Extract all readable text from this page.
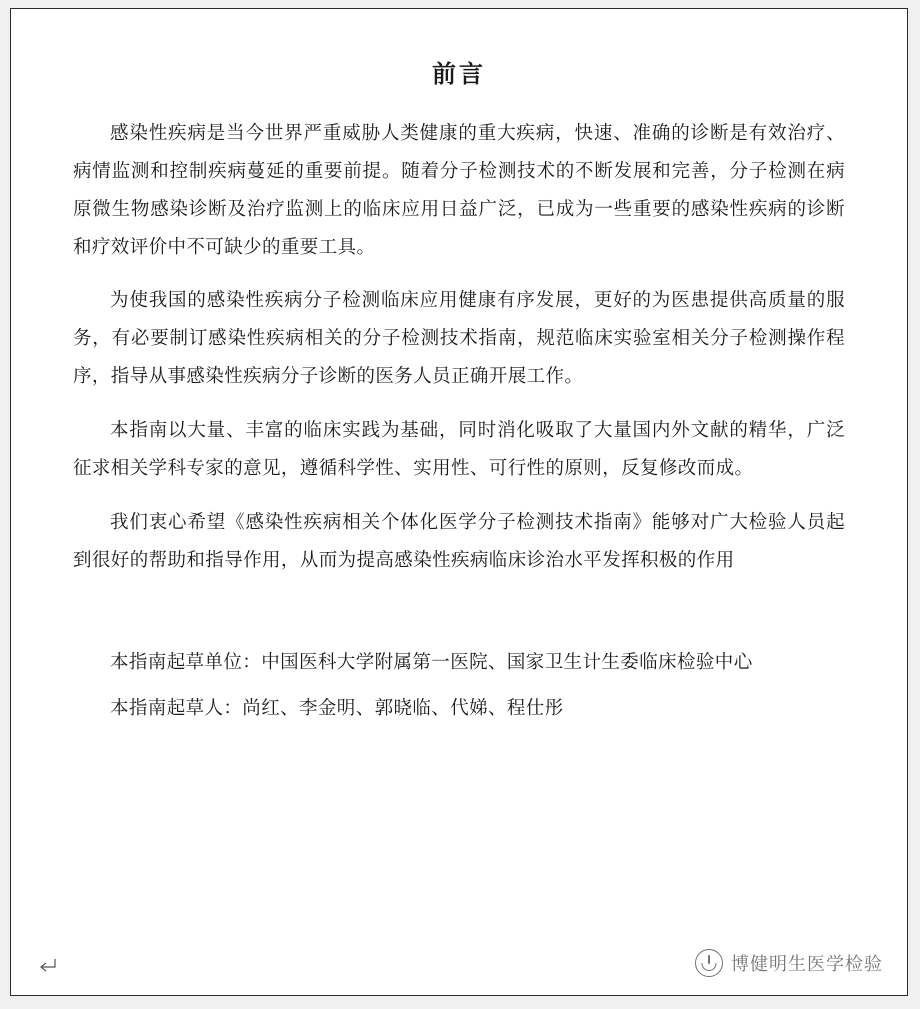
前言

感染性疾病是当今世界严重威胁人类健康的重大疾病，快速、准确的诊断是有效治疗、病情监测和控制疾病蔓延的重要前提。随着分子检测技术的不断发展和完善，分子检测在病原微生物感染诊断及治疗监测上的临床应用日益广泛，已成为一些重要的感染性疾病的诊断和疗效评价中不可缺少的重要工具。

为使我国的感染性疾病分子检测临床应用健康有序发展，更好的为医患提供高质量的服务，有必要制订感染性疾病相关的分子检测技术指南，规范临床实验室相关分子检测操作程序，指导从事感染性疾病分子诊断的医务人员正确开展工作。

本指南以大量、丰富的临床实践为基础，同时消化吸取了大量国内外文献的精华，广泛征求相关学科专家的意见，遵循科学性、实用性、可行性的原则，反复修改而成。

我们衷心希望《感染性疾病相关个体化医学分子检测技术指南》能够对广大检验人员起到很好的帮助和指导作用，从而为提高感染性疾病临床诊治水平发挥积极的作用

本指南起草单位：中国医科大学附属第一医院、国家卫生计生委临床检验中心

本指南起草人：尚红、李金明、郭晓临、代娣、程仕彤

博健明生医学检验
